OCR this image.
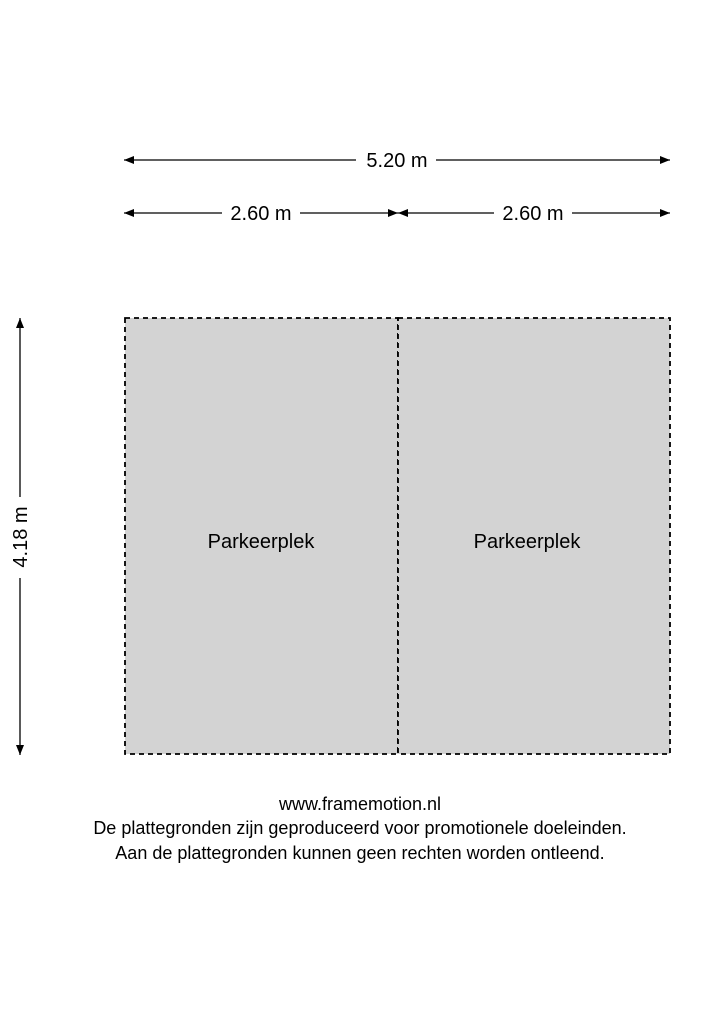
5.20 m
2.60 m	2.60 m
4.18 m	Parkeerplek	Parkeerplek
www.framemotion.nl
De plattegronden zijn geproduceerd voor promotionele doeleinden.
Aan de plattegronden kunnen geen rechten worden ontleend.
